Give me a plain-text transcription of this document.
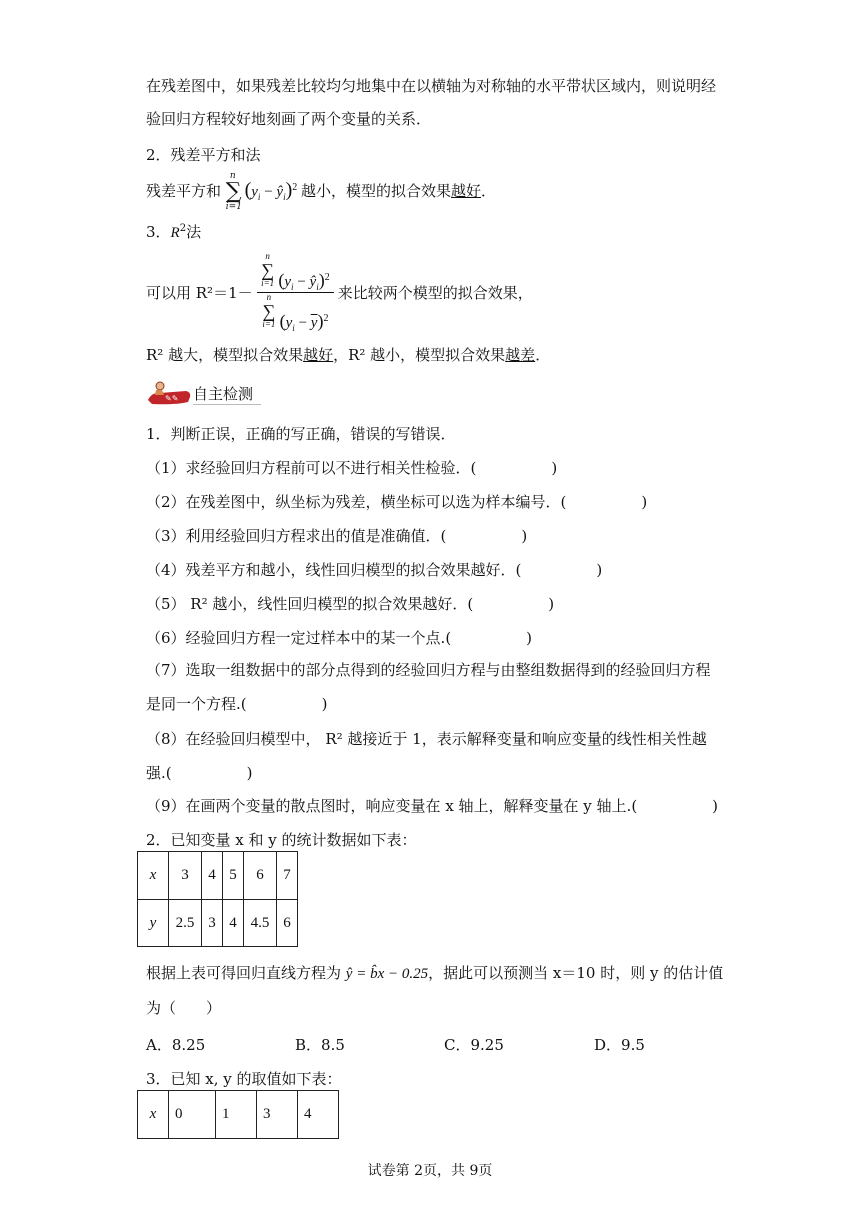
在残差图中，如果残差比较均匀地集中在以横轴为对称轴的水平带状区域内，则说明经
验回归方程较好地刻画了两个变量的关系．
2．残差平方和法
残差平方和
n
∑
i=1
($y_i$ − $ŷ_i)^2$ 越小，模型的拟合效果越好．
3．$R^2$法
可以用 R²＝1－ n
∑
i=1 ($y_i$ − $ŷ_i)^2$
n
∑
i=1 $(y_i - \overline{y})^2$ 来比较两个模型的拟合效果，
R² 越大，模型拟合效果越好，R² 越小，模型拟合效果越差．
✎✎ 自主检测
1．判断正误，正确的写正确，错误的写错误．
（1）求经验回归方程前可以不进行相关性检验．(　　　　　)
（2）在残差图中，纵坐标为残差，横坐标可以选为样本编号．(　　　　　)
（3）利用经验回归方程求出的值是准确值．(　　　　　)
（4）残差平方和越小，线性回归模型的拟合效果越好．(　　　　　)
（5） R² 越小，线性回归模型的拟合效果越好．(　　　　　)
（6）经验回归方程一定过样本中的某一个点.(　　　　　)
（7）选取一组数据中的部分点得到的经验回归方程与由整组数据得到的经验回归方程
是同一个方程.(　　　　　)
（8）在经验回归模型中， R² 越接近于 1，表示解释变量和响应变量的线性相关性越
强.(　　　　　)
（9）在画两个变量的散点图时，响应变量在 x 轴上，解释变量在 y 轴上.(　　　　　)
2．已知变量 x 和 y 的统计数据如下表：
x	3	4	5	6	7
y	2.5	3	4	4.5	6
根据上表可得回归直线方程为 ŷ = b̂x − 0.25，据此可以预测当 x＝10 时，则 y 的估计值
为（　　）
A．8.25	B．8.5	C．9.25	D．9.5
3．已知 x, y 的取值如下表：
x	0	1	3	4
试卷第 2页，共 9页
